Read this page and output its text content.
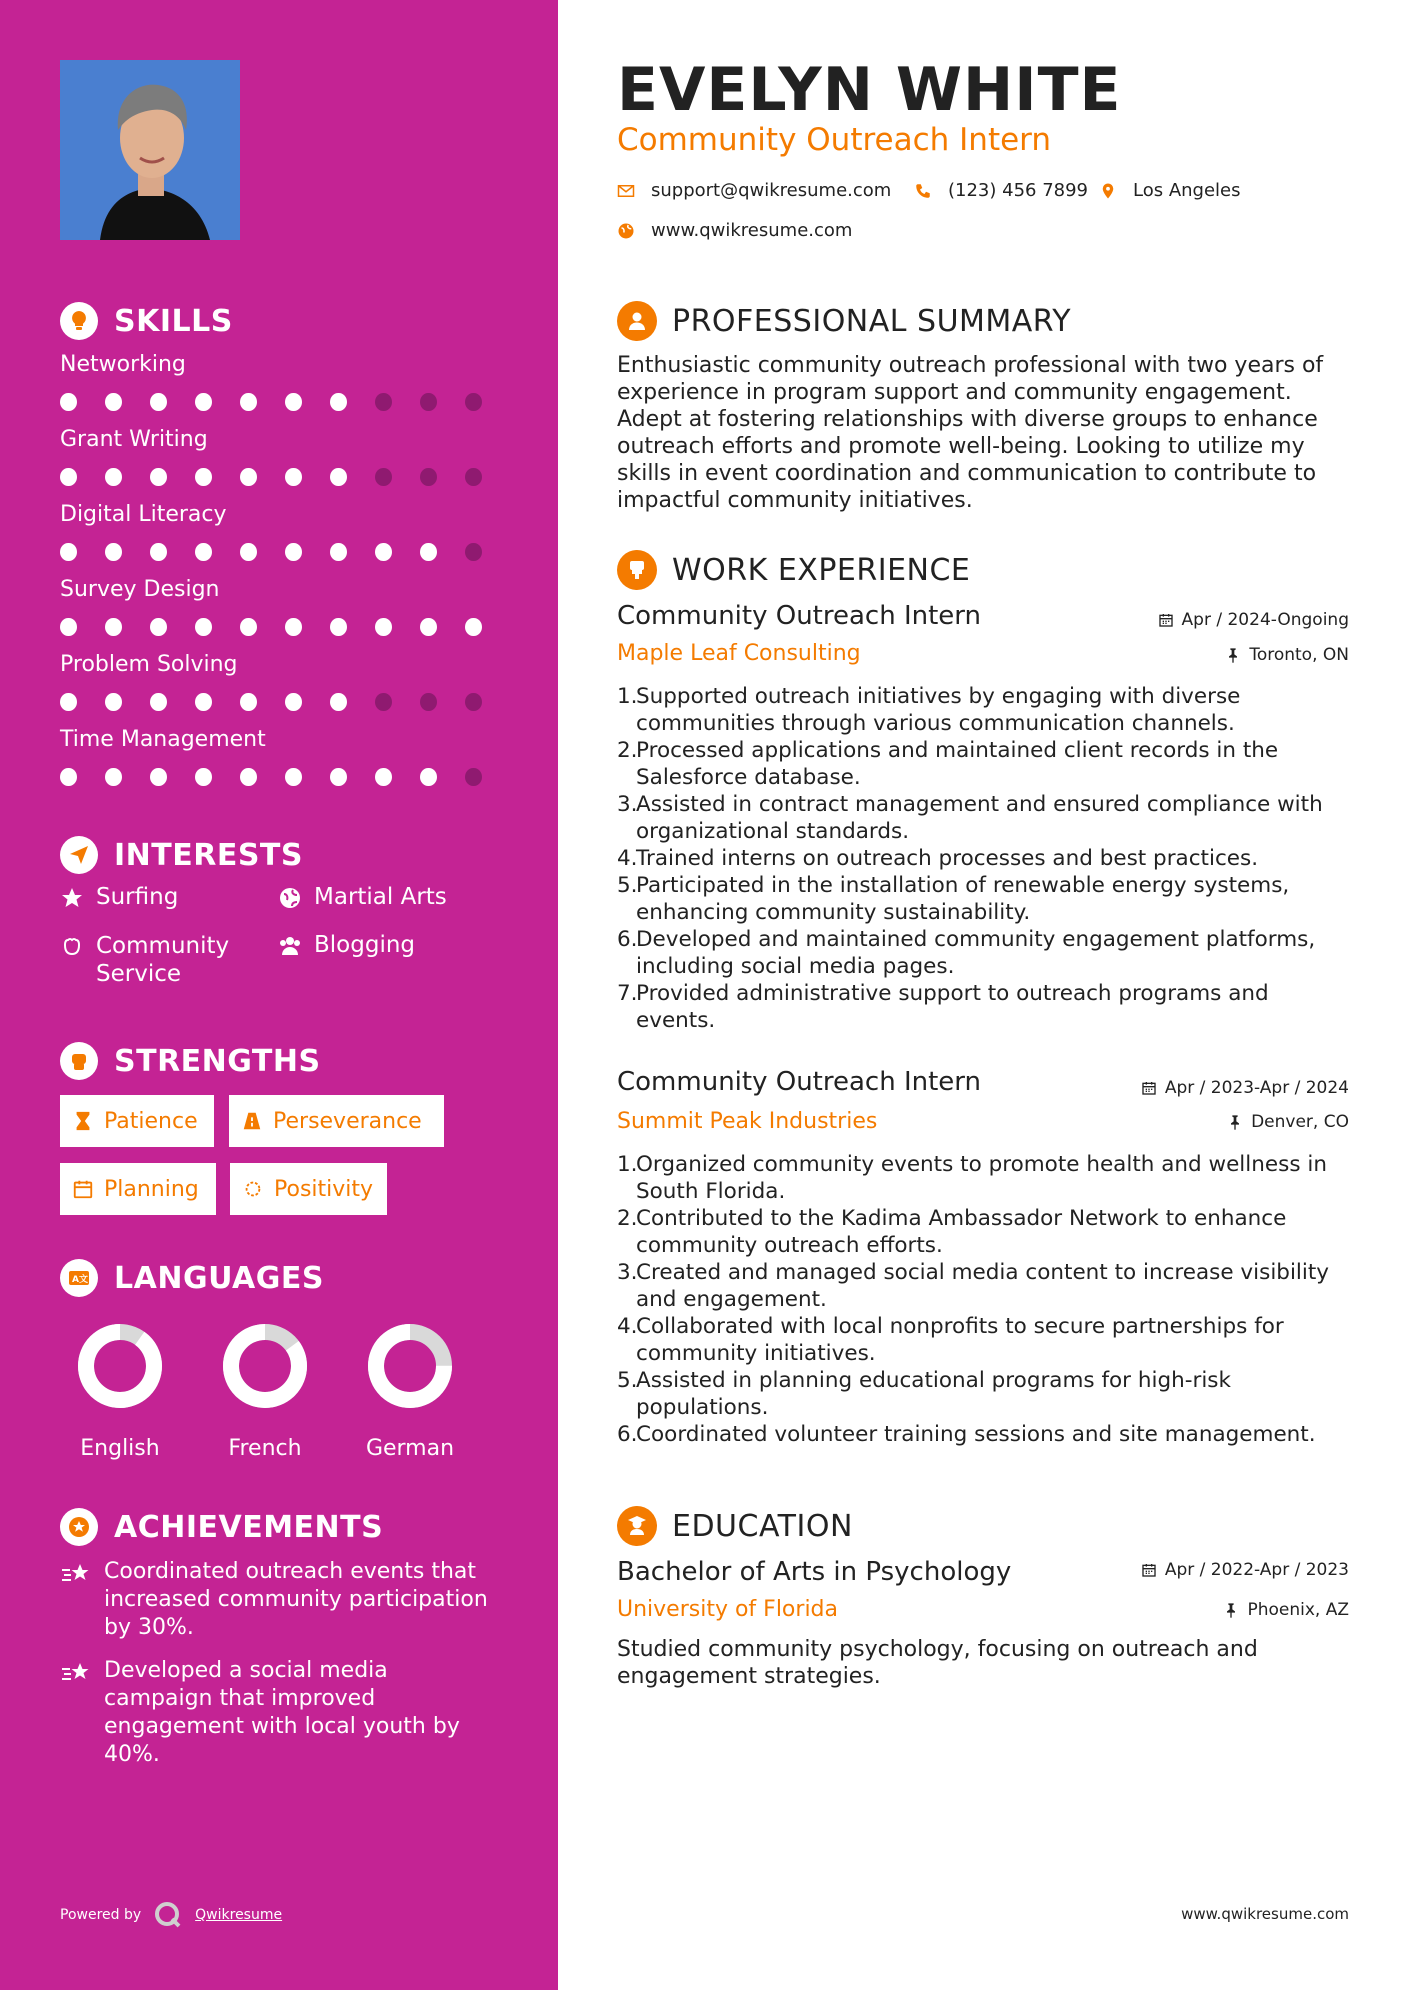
SKILLS
Networking
Grant Writing
Digital Literacy
Survey Design
Problem Solving
Time Management
INTERESTS
Surfing	Martial Arts
Community Service
Blogging
STRENGTHS
Patience	Perseverance
Planning	Positivity
A文 LANGUAGES
English	French	German
ACHIEVEMENTS
Coordinated outreach events that increased community participation by 30%.
Developed a social media campaign that improved engagement with local youth by 40%.
Powered by	Qwikresume
EVELYN WHITE
Community Outreach Intern
support@qwikresume.com	(123) 456 7899 Los Angeles
www.qwikresume.com
PROFESSIONAL SUMMARY
Enthusiastic community outreach professional with two years of experience in program support and community engagement. Adept at fostering relationships with diverse groups to enhance outreach efforts and promote well-being. Looking to utilize my skills in event coordination and communication to contribute to impactful community initiatives.
WORK EXPERIENCE
Community Outreach Intern
Maple Leaf Consulting
Apr / 2024-Ongoing
Toronto, ON
1.
Supported outreach initiatives by engaging with diverse communities through various communication channels.
2.
Processed applications and maintained client records in the Salesforce database.
3.
Assisted in contract management and ensured compliance with organizational standards.
4.
Trained interns on outreach processes and best practices.
5.
Participated in the installation of renewable energy systems, enhancing community sustainability.
6.
Developed and maintained community engagement platforms, including social media pages.
7.
Provided administrative support to outreach programs and events.
Community Outreach Intern
Summit Peak Industries
Apr / 2023-Apr / 2024
Denver, CO
1.
Organized community events to promote health and wellness in South Florida.
2.
Contributed to the Kadima Ambassador Network to enhance community outreach efforts.
3.
Created and managed social media content to increase visibility and engagement.
4.
Collaborated with local nonprofits to secure partnerships for community initiatives.
5.
Assisted in planning educational programs for high-risk populations.
6.
Coordinated volunteer training sessions and site management.
EDUCATION
Bachelor of Arts in Psychology
University of Florida
Apr / 2022-Apr / 2023
Phoenix, AZ
Studied community psychology, focusing on outreach and engagement strategies.
www.qwikresume.com
